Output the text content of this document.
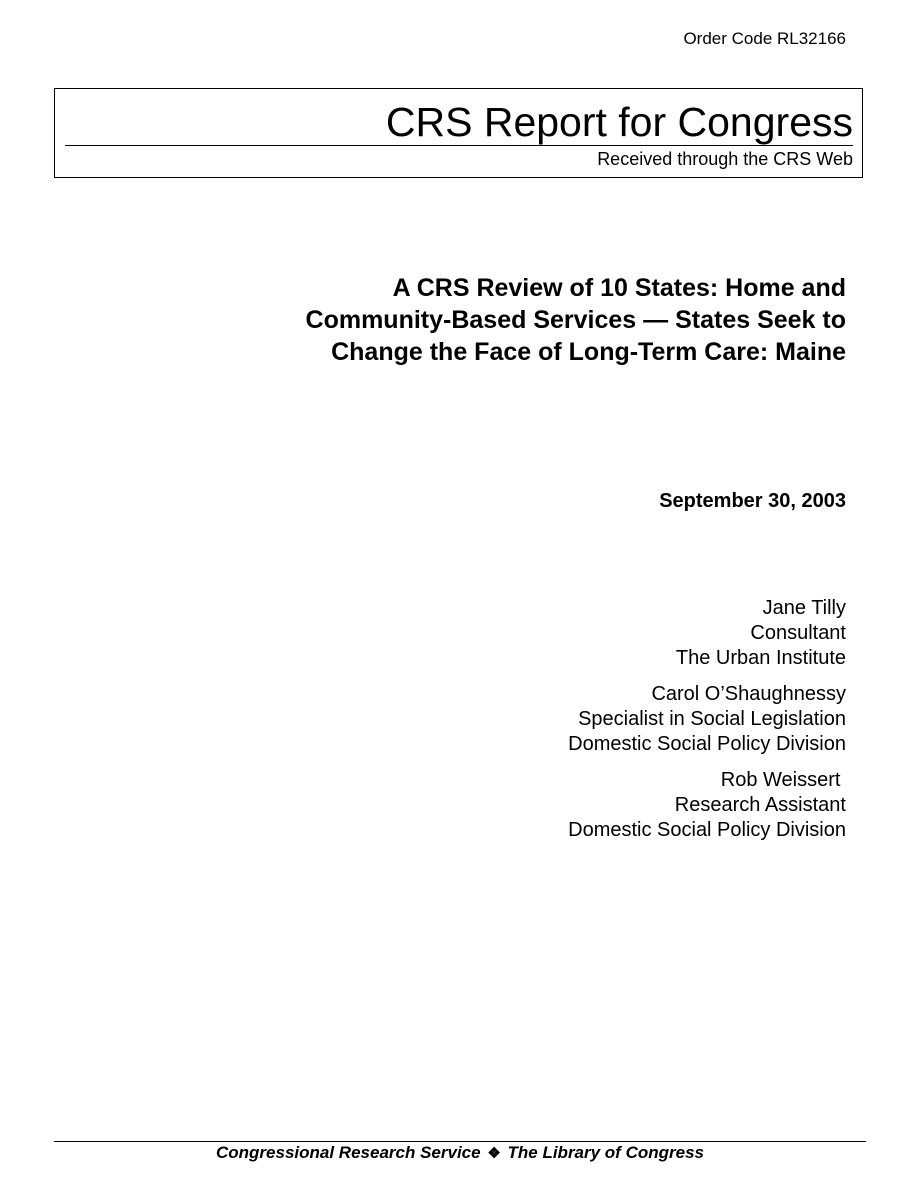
Order Code RL32166
CRS Report for Congress
Received through the CRS Web
A CRS Review of 10 States: Home and
Community-Based Services — States Seek to
Change the Face of Long-Term Care: Maine
September 30, 2003
Jane Tilly
Consultant
The Urban Institute
Carol O’Shaughnessy
Specialist in Social Legislation
Domestic Social Policy Division
Rob Weissert
Research Assistant
Domestic Social Policy Division
Congressional Research Service ❖ The Library of Congress
